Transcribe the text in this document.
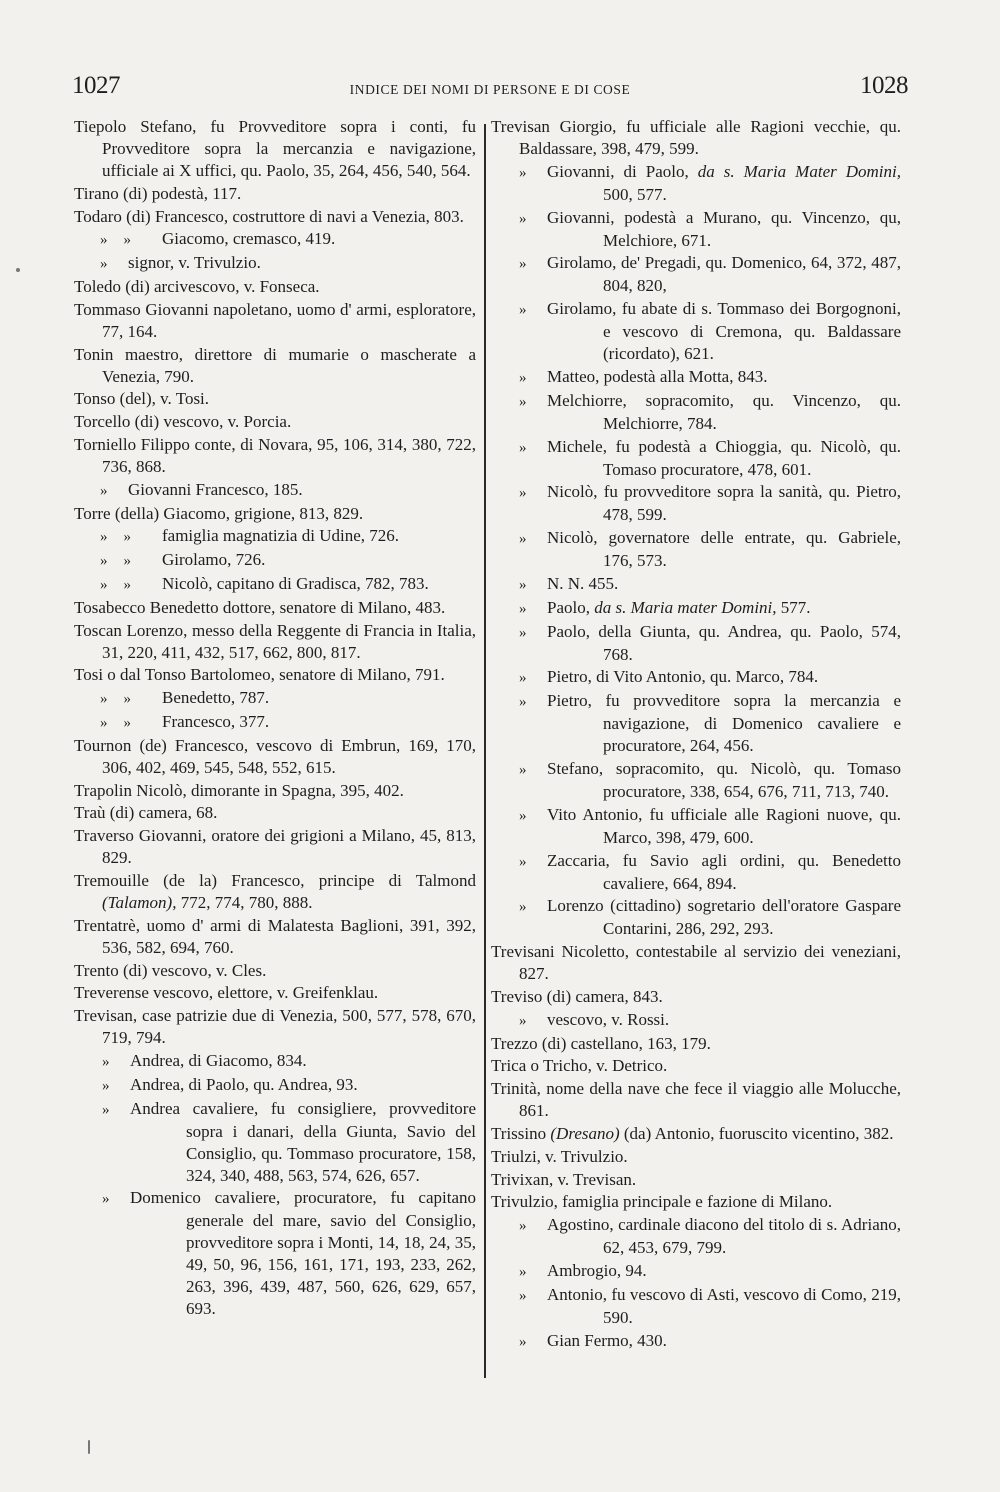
1027	INDICE DEI NOMI DI PERSONE E DI COSE	1028

Tiepolo Stefano, fu Provveditore sopra i conti, fu Provveditore sopra la mercanzia e navigazione, ufficiale ai X uffici, qu. Paolo, 35, 264, 456, 540, 564.

Tirano (di) podestà, 117.

Todaro (di) Francesco, costruttore di navi a Venezia, 803.

» » Giacomo, cremasco, 419.

» signor, v. Trivulzio.

Toledo (di) arcivescovo, v. Fonseca.

Tommaso Giovanni napoletano, uomo d' armi, esploratore, 77, 164.

Tonin maestro, direttore di mumarie o mascherate a Venezia, 790.

Tonso (del), v. Tosi.

Torcello (di) vescovo, v. Porcia.

Torniello Filippo conte, di Novara, 95, 106, 314, 380, 722, 736, 868.

» Giovanni Francesco, 185.

Torre (della) Giacomo, grigione, 813, 829.

» » famiglia magnatizia di Udine, 726.

» » Girolamo, 726.

» » Nicolò, capitano di Gradisca, 782, 783.

Tosabecco Benedetto dottore, senatore di Milano, 483.

Toscan Lorenzo, messo della Reggente di Francia in Italia, 31, 220, 411, 432, 517, 662, 800, 817.

Tosi o dal Tonso Bartolomeo, senatore di Milano, 791.

» » Benedetto, 787.

» » Francesco, 377.

Tournon (de) Francesco, vescovo di Embrun, 169, 170, 306, 402, 469, 545, 548, 552, 615.

Trapolin Nicolò, dimorante in Spagna, 395, 402.

Traù (di) camera, 68.

Traverso Giovanni, oratore dei grigioni a Milano, 45, 813, 829.

Tremouille (de la) Francesco, principe di Talmond (Talamon), 772, 774, 780, 888.

Trentatrè, uomo d' armi di Malatesta Baglioni, 391, 392, 536, 582, 694, 760.

Trento (di) vescovo, v. Cles.

Treverense vescovo, elettore, v. Greifenklau.

Trevisan, case patrizie due di Venezia, 500, 577, 578, 670, 719, 794.

» Andrea, di Giacomo, 834.

» Andrea, di Paolo, qu. Andrea, 93.

» Andrea cavaliere, fu consigliere, provveditore sopra i danari, della Giunta, Savio del Consiglio, qu. Tommaso procuratore, 158, 324, 340, 488, 563, 574, 626, 657.

» Domenico cavaliere, procuratore, fu capitano generale del mare, savio del Consiglio, provveditore sopra i Monti, 14, 18, 24, 35, 49, 50, 96, 156, 161, 171, 193, 233, 262, 263, 396, 439, 487, 560, 626, 629, 657, 693.

Trevisan Giorgio, fu ufficiale alle Ragioni vecchie, qu. Baldassare, 398, 479, 599.

» Giovanni, di Paolo, da s. Maria Mater Domini, 500, 577.

» Giovanni, podestà a Murano, qu. Vincenzo, qu, Melchiore, 671.

» Girolamo, de' Pregadi, qu. Domenico, 64, 372, 487, 804, 820,

» Girolamo, fu abate di s. Tommaso dei Borgognoni, e vescovo di Cremona, qu. Baldassare (ricordato), 621.

» Matteo, podestà alla Motta, 843.

» Melchiorre, sopracomito, qu. Vincenzo, qu. Melchiorre, 784.

» Michele, fu podestà a Chioggia, qu. Nicolò, qu. Tomaso procuratore, 478, 601.

» Nicolò, fu provveditore sopra la sanità, qu. Pietro, 478, 599.

» Nicolò, governatore delle entrate, qu. Gabriele, 176, 573.

» N. N. 455.

» Paolo, da s. Maria mater Domini, 577.

» Paolo, della Giunta, qu. Andrea, qu. Paolo, 574, 768.

» Pietro, di Vito Antonio, qu. Marco, 784.

» Pietro, fu provveditore sopra la mercanzia e navigazione, di Domenico cavaliere e procuratore, 264, 456.

» Stefano, sopracomito, qu. Nicolò, qu. Tomaso procuratore, 338, 654, 676, 711, 713, 740.

» Vito Antonio, fu ufficiale alle Ragioni nuove, qu. Marco, 398, 479, 600.

» Zaccaria, fu Savio agli ordini, qu. Benedetto cavaliere, 664, 894.

» Lorenzo (cittadino) sogretario dell'oratore Gaspare Contarini, 286, 292, 293.

Trevisani Nicoletto, contestabile al servizio dei veneziani, 827.

Treviso (di) camera, 843.

» vescovo, v. Rossi.

Trezzo (di) castellano, 163, 179.

Trica o Tricho, v. Detrico.

Trinità, nome della nave che fece il viaggio alle Molucche, 861.

Trissino (Dresano) (da) Antonio, fuoruscito vicentino, 382.

Triulzi, v. Trivulzio.

Trivixan, v. Trevisan.

Trivulzio, famiglia principale e fazione di Milano.

» Agostino, cardinale diacono del titolo di s. Adriano, 62, 453, 679, 799.

» Ambrogio, 94.

» Antonio, fu vescovo di Asti, vescovo di Como, 219, 590.

» Gian Fermo, 430.
